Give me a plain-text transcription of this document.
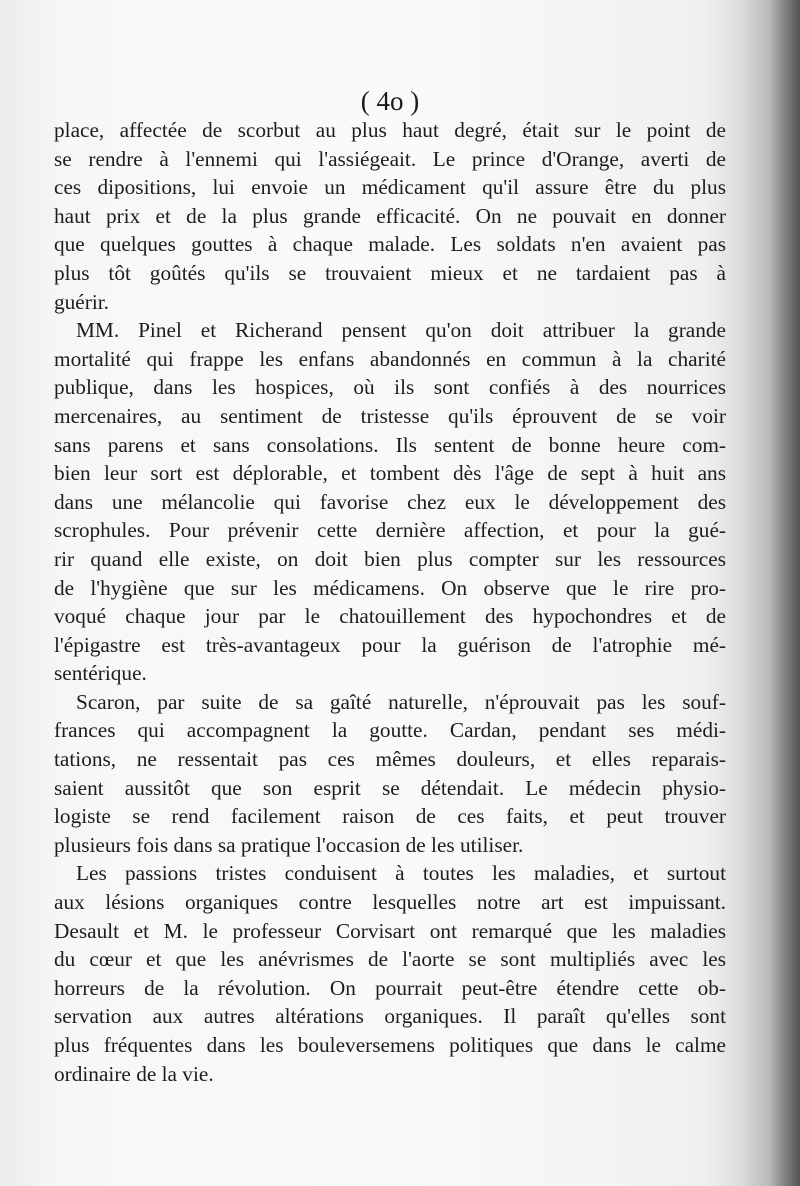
( 4o )
place, affectée de scorbut au plus haut degré, était sur le point de
se rendre à l'ennemi qui l'assiégeait. Le prince d'Orange, averti de
ces dipositions, lui envoie un médicament qu'il assure être du plus
haut prix et de la plus grande efficacité. On ne pouvait en donner
que quelques gouttes à chaque malade. Les soldats n'en avaient pas
plus tôt goûtés qu'ils se trouvaient mieux et ne tardaient pas à
guérir.
MM. Pinel et Richerand pensent qu'on doit attribuer la grande
mortalité qui frappe les enfans abandonnés en commun à la charité
publique, dans les hospices, où ils sont confiés à des nourrices
mercenaires, au sentiment de tristesse qu'ils éprouvent de se voir
sans parens et sans consolations. Ils sentent de bonne heure com-
bien leur sort est déplorable, et tombent dès l'âge de sept à huit ans
dans une mélancolie qui favorise chez eux le développement des
scrophules. Pour prévenir cette dernière affection, et pour la gué-
rir quand elle existe, on doit bien plus compter sur les ressources
de l'hygiène que sur les médicamens. On observe que le rire pro-
voqué chaque jour par le chatouillement des hypochondres et de
l'épigastre est très-avantageux pour la guérison de l'atrophie mé-
sentérique.
Scaron, par suite de sa gaîté naturelle, n'éprouvait pas les souf-
frances qui accompagnent la goutte. Cardan, pendant ses médi-
tations, ne ressentait pas ces mêmes douleurs, et elles reparais-
saient aussitôt que son esprit se détendait. Le médecin physio-
logiste se rend facilement raison de ces faits, et peut trouver
plusieurs fois dans sa pratique l'occasion de les utiliser.
Les passions tristes conduisent à toutes les maladies, et surtout
aux lésions organiques contre lesquelles notre art est impuissant.
Desault et M. le professeur Corvisart ont remarqué que les maladies
du cœur et que les anévrismes de l'aorte se sont multipliés avec les
horreurs de la révolution. On pourrait peut-être étendre cette ob-
servation aux autres altérations organiques. Il paraît qu'elles sont
plus fréquentes dans les bouleversemens politiques que dans le calme
ordinaire de la vie.
